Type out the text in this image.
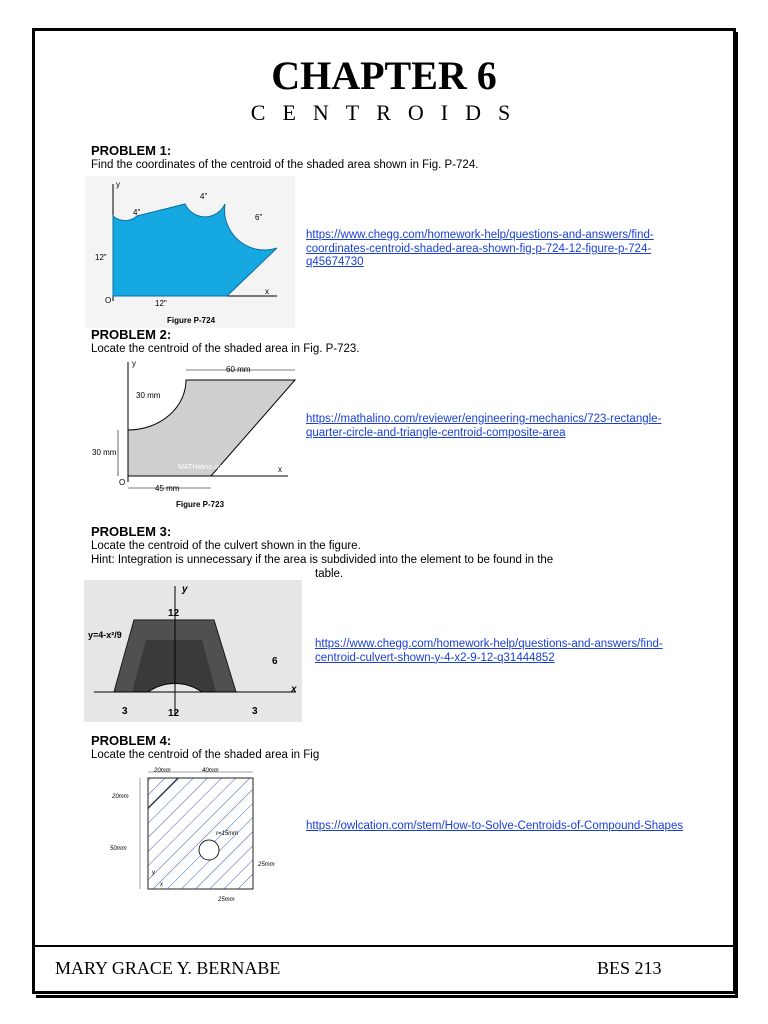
CHAPTER 6
CENTROIDS
PROBLEM 1:
Find the coordinates of the centroid of the shaded area shown in Fig. P-724.
y
x
O
12"
12"
4"
4"
6"
Figure P-724
https://www.chegg.com/homework-help/questions-and-answers/find-coordinates-centroid-shaded-area-shown-fig-p-724-12-figure-p-724-q45674730
PROBLEM 2:
Locate the centroid of the shaded area in Fig. P-723.
y
x
O
60 mm
30 mm
30 mm
45 mm
MATHalino.com
Figure P-723
https://mathalino.com/reviewer/engineering-mechanics/723-rectangle-quarter-circle-and-triangle-centroid-composite-area
PROBLEM 3:
Locate the centroid of the culvert shown in the figure.
Hint: Integration is unnecessary if the area is subdivided into the element to be found in the
table.
y
x
12
12
3	3
6
y=4-x²/9
https://www.chegg.com/homework-help/questions-and-answers/find-centroid-culvert-shown-y-4-x2-9-12-q31444852
PROBLEM 4:
Locate the centroid of the shaded area in Fig
20mm	40mm
20mm
50mm
r=15mm
25mm
25mm
y
x
https://owlcation.com/stem/How-to-Solve-Centroids-of-Compound-Shapes
MARY GRACE Y. BERNABE	BES 213
